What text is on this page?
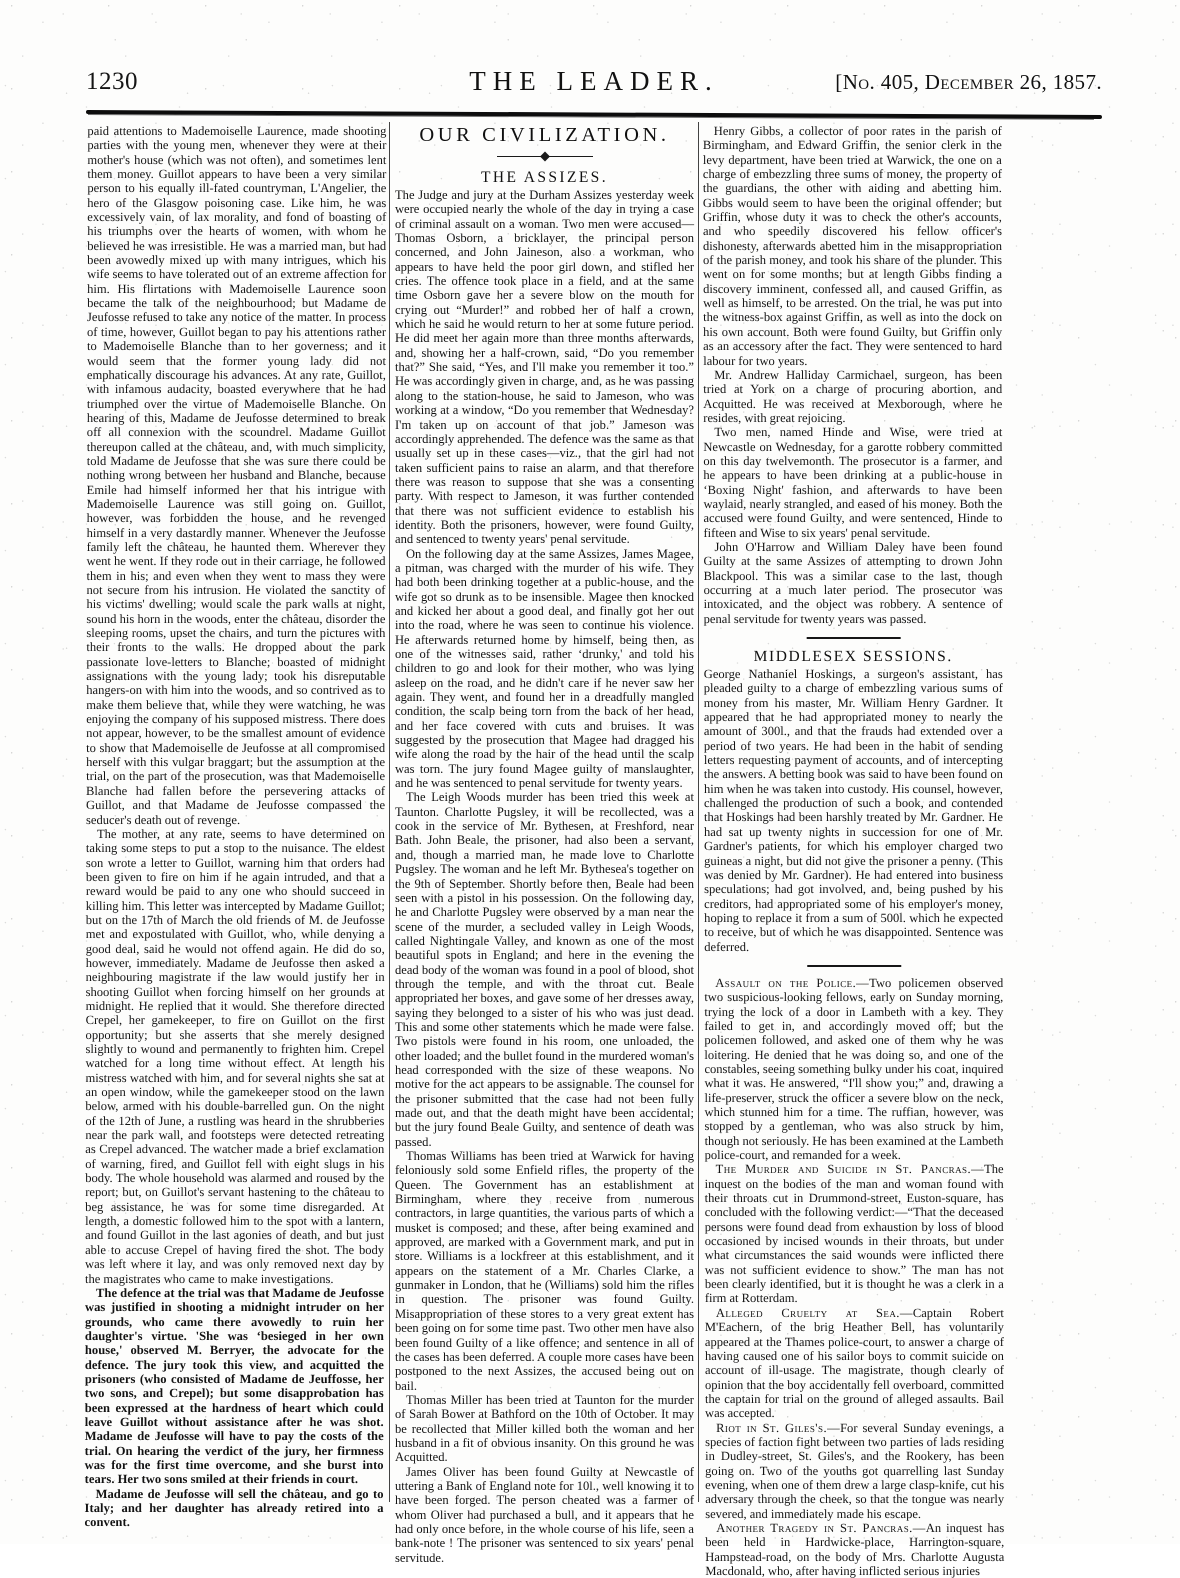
1230	THE LEADER.	[No. 405, December 26, 1857.

paid attentions to Mademoiselle Laurence, made shooting parties with the young men, whenever they were at their mother's house (which was not often), and sometimes lent them money. Guillot appears to have been a very similar person to his equally ill-fated countryman, L'Angelier, the hero of the Glasgow poisoning case. Like him, he was excessively vain, of lax morality, and fond of boasting of his triumphs over the hearts of women, with whom he believed he was irresistible. He was a married man, but had been avowedly mixed up with many intrigues, which his wife seems to have tolerated out of an extreme affection for him. His flirtations with Mademoiselle Laurence soon became the talk of the neighbourhood; but Madame de Jeufosse refused to take any notice of the matter. In process of time, however, Guillot began to pay his attentions rather to Mademoiselle Blanche than to her governess; and it would seem that the former young lady did not emphatically discourage his advances. At any rate, Guillot, with infamous audacity, boasted everywhere that he had triumphed over the virtue of Mademoiselle Blanche. On hearing of this, Madame de Jeufosse determined to break off all connexion with the scoundrel. Madame Guillot thereupon called at the château, and, with much simplicity, told Madame de Jeufosse that she was sure there could be nothing wrong between her husband and Blanche, because Emile had himself informed her that his intrigue with Mademoiselle Laurence was still going on. Guillot, however, was forbidden the house, and he revenged himself in a very dastardly manner. Whenever the Jeufosse family left the château, he haunted them. Wherever they went he went. If they rode out in their carriage, he followed them in his; and even when they went to mass they were not secure from his intrusion. He violated the sanctity of his victims' dwelling; would scale the park walls at night, sound his horn in the woods, enter the château, disorder the sleeping rooms, upset the chairs, and turn the pictures with their fronts to the walls. He dropped about the park passionate love-letters to Blanche; boasted of midnight assignations with the young lady; took his disreputable hangers-on with him into the woods, and so contrived as to make them believe that, while they were watching, he was enjoying the company of his supposed mistress. There does not appear, however, to be the smallest amount of evidence to show that Mademoiselle de Jeufosse at all compromised herself with this vulgar braggart; but the assumption at the trial, on the part of the prosecution, was that Mademoiselle Blanche had fallen before the persevering attacks of Guillot, and that Madame de Jeufosse compassed the seducer's death out of revenge.

The mother, at any rate, seems to have determined on taking some steps to put a stop to the nuisance. The eldest son wrote a letter to Guillot, warning him that orders had been given to fire on him if he again intruded, and that a reward would be paid to any one who should succeed in killing him. This letter was intercepted by Madame Guillot; but on the 17th of March the old friends of M. de Jeufosse met and expostulated with Guillot, who, while denying a good deal, said he would not offend again. He did do so, however, immediately. Madame de Jeufosse then asked a neighbouring magistrate if the law would justify her in shooting Guillot when forcing himself on her grounds at midnight. He replied that it would. She therefore directed Crepel, her gamekeeper, to fire on Guillot on the first opportunity; but she asserts that she merely designed slightly to wound and permanently to frighten him. Crepel watched for a long time without effect. At length his mistress watched with him, and for several nights she sat at an open window, while the gamekeeper stood on the lawn below, armed with his double-barrelled gun. On the night of the 12th of June, a rustling was heard in the shrubberies near the park wall, and footsteps were detected retreating as Crepel advanced. The watcher made a brief exclamation of warning, fired, and Guillot fell with eight slugs in his body. The whole household was alarmed and roused by the report; but, on Guillot's servant hastening to the château to beg assistance, he was for some time disregarded. At length, a domestic followed him to the spot with a lantern, and found Guillot in the last agonies of death, and but just able to accuse Crepel of having fired the shot. The body was left where it lay, and was only removed next day by the magistrates who came to make investigations.

The defence at the trial was that Madame de Jeufosse was justified in shooting a midnight intruder on her grounds, who came there avowedly to ruin her daughter's virtue. 'She was ‘besieged in her own house,' observed M. Berryer, the advocate for the defence. The jury took this view, and acquitted the prisoners (who consisted of Madame de Jeuffosse, her two sons, and Crepel); but some disapprobation has been expressed at the hardness of heart which could leave Guillot without assistance after he was shot. Madame de Jeufosse will have to pay the costs of the trial. On hearing the verdict of the jury, her firmness was for the first time overcome, and she burst into tears. Her two sons smiled at their friends in court.

Madame de Jeufosse will sell the château, and go to Italy; and her daughter has already retired into a convent.

OUR CIVILIZATION.
THE ASSIZES.

The Judge and jury at the Durham Assizes yesterday week were occupied nearly the whole of the day in trying a case of criminal assault on a woman. Two men were accused—Thomas Osborn, a bricklayer, the principal person concerned, and John Jaineson, also a workman, who appears to have held the poor girl down, and stifled her cries. The offence took place in a field, and at the same time Osborn gave her a severe blow on the mouth for crying out “Murder!” and robbed her of half a crown, which he said he would return to her at some future period. He did meet her again more than three months afterwards, and, showing her a half-crown, said, “Do you remember that?” She said, “Yes, and I'll make you remember it too.” He was accordingly given in charge, and, as he was passing along to the station-house, he said to Jameson, who was working at a window, “Do you remember that Wednesday? I'm taken up on account of that job.” Jameson was accordingly apprehended. The defence was the same as that usually set up in these cases—viz., that the girl had not taken sufficient pains to raise an alarm, and that therefore there was reason to suppose that she was a consenting party. With respect to Jameson, it was further contended that there was not sufficient evidence to establish his identity. Both the prisoners, however, were found Guilty, and sentenced to twenty years' penal servitude.

On the following day at the same Assizes, James Magee, a pitman, was charged with the murder of his wife. They had both been drinking together at a public-house, and the wife got so drunk as to be insensible. Magee then knocked and kicked her about a good deal, and finally got her out into the road, where he was seen to continue his violence. He afterwards returned home by himself, being then, as one of the witnesses said, rather ‘drunky,' and told his children to go and look for their mother, who was lying asleep on the road, and he didn't care if he never saw her again. They went, and found her in a dreadfully mangled condition, the scalp being torn from the back of her head, and her face covered with cuts and bruises. It was suggested by the prosecution that Magee had dragged his wife along the road by the hair of the head until the scalp was torn. The jury found Magee guilty of manslaughter, and he was sentenced to penal servitude for twenty years.

The Leigh Woods murder has been tried this week at Taunton. Charlotte Pugsley, it will be recollected, was a cook in the service of Mr. Bythesen, at Freshford, near Bath. John Beale, the prisoner, had also been a servant, and, though a married man, he made love to Charlotte Pugsley. The woman and he left Mr. Bythesea's together on the 9th of September. Shortly before then, Beale had been seen with a pistol in his possession. On the following day, he and Charlotte Pugsley were observed by a man near the scene of the murder, a secluded valley in Leigh Woods, called Nightingale Valley, and known as one of the most beautiful spots in England; and here in the evening the dead body of the woman was found in a pool of blood, shot through the temple, and with the throat cut. Beale appropriated her boxes, and gave some of her dresses away, saying they belonged to a sister of his who was just dead. This and some other statements which he made were false. Two pistols were found in his room, one unloaded, the other loaded; and the bullet found in the murdered woman's head corresponded with the size of these weapons. No motive for the act appears to be assignable. The counsel for the prisoner submitted that the case had not been fully made out, and that the death might have been accidental; but the jury found Beale Guilty, and sentence of death was passed.

Thomas Williams has been tried at Warwick for having feloniously sold some Enfield rifles, the property of the Queen. The Government has an establishment at Birmingham, where they receive from numerous contractors, in large quantities, the various parts of which a musket is composed; and these, after being examined and approved, are marked with a Government mark, and put in store. Williams is a lockfreer at this establishment, and it appears on the statement of a Mr. Charles Clarke, a gunmaker in London, that he (Williams) sold him the rifles in question. The prisoner was found Guilty. Misappropriation of these stores to a very great extent has been going on for some time past. Two other men have also been found Guilty of a like offence; and sentence in all of the cases has been deferred. A couple more cases have been postponed to the next Assizes, the accused being out on bail.

Thomas Miller has been tried at Taunton for the murder of Sarah Bower at Bathford on the 10th of October. It may be recollected that Miller killed both the woman and her husband in a fit of obvious insanity. On this ground he was Acquitted.

James Oliver has been found Guilty at Newcastle of uttering a Bank of England note for 10l., well knowing it to have been forged. The person cheated was a farmer of whom Oliver had purchased a bull, and it appears that he had only once before, in the whole course of his life, seen a bank-note ! The prisoner was sentenced to six years' penal servitude.

Henry Gibbs, a collector of poor rates in the parish of Birmingham, and Edward Griffin, the senior clerk in the levy department, have been tried at Warwick, the one on a charge of embezzling three sums of money, the property of the guardians, the other with aiding and abetting him. Gibbs would seem to have been the original offender; but Griffin, whose duty it was to check the other's accounts, and who speedily discovered his fellow officer's dishonesty, afterwards abetted him in the misappropriation of the parish money, and took his share of the plunder. This went on for some months; but at length Gibbs finding a discovery imminent, confessed all, and caused Griffin, as well as himself, to be arrested. On the trial, he was put into the witness-box against Griffin, as well as into the dock on his own account. Both were found Guilty, but Griffin only as an accessory after the fact. They were sentenced to hard labour for two years.

Mr. Andrew Halliday Carmichael, surgeon, has been tried at York on a charge of procuring abortion, and Acquitted. He was received at Mexborough, where he resides, with great rejoicing.

Two men, named Hinde and Wise, were tried at Newcastle on Wednesday, for a garotte robbery committed on this day twelvemonth. The prosecutor is a farmer, and he appears to have been drinking at a public-house in ‘Boxing Night' fashion, and afterwards to have been waylaid, nearly strangled, and eased of his money. Both the accused were found Guilty, and were sentenced, Hinde to fifteen and Wise to six years' penal servitude.

John O'Harrow and William Daley have been found Guilty at the same Assizes of attempting to drown John Blackpool. This was a similar case to the last, though occurring at a much later period. The prosecutor was intoxicated, and the object was robbery. A sentence of penal servitude for twenty years was passed.

MIDDLESEX SESSIONS.

George Nathaniel Hoskings, a surgeon's assistant, has pleaded guilty to a charge of embezzling various sums of money from his master, Mr. William Henry Gardner. It appeared that he had appropriated money to nearly the amount of 300l., and that the frauds had extended over a period of two years. He had been in the habit of sending letters requesting payment of accounts, and of intercepting the answers. A betting book was said to have been found on him when he was taken into custody. His counsel, however, challenged the production of such a book, and contended that Hoskings had been harshly treated by Mr. Gardner. He had sat up twenty nights in succession for one of Mr. Gardner's patients, for which his employer charged two guineas a night, but did not give the prisoner a penny. (This was denied by Mr. Gardner). He had entered into business speculations; had got involved, and, being pushed by his creditors, had appropriated some of his employer's money, hoping to replace it from a sum of 500l. which he expected to receive, but of which he was disappointed. Sentence was deferred.

Assault on the Police.—Two policemen observed two suspicious-looking fellows, early on Sunday morning, trying the lock of a door in Lambeth with a key. They failed to get in, and accordingly moved off; but the policemen followed, and asked one of them why he was loitering. He denied that he was doing so, and one of the constables, seeing something bulky under his coat, inquired what it was. He answered, “I'll show you;” and, drawing a life-preserver, struck the officer a severe blow on the neck, which stunned him for a time. The ruffian, however, was stopped by a gentleman, who was also struck by him, though not seriously. He has been examined at the Lambeth police-court, and remanded for a week.

The Murder and Suicide in St. Pancras.—The inquest on the bodies of the man and woman found with their throats cut in Drummond-street, Euston-square, has concluded with the following verdict:—“That the deceased persons were found dead from exhaustion by loss of blood occasioned by incised wounds in their throats, but under what circumstances the said wounds were inflicted there was not sufficient evidence to show.” The man has not been clearly identified, but it is thought he was a clerk in a firm at Rotterdam.

Alleged Cruelty at Sea.—Captain Robert M'Eachern, of the brig Heather Bell, has voluntarily appeared at the Thames police-court, to answer a charge of having caused one of his sailor boys to commit suicide on account of ill-usage. The magistrate, though clearly of opinion that the boy accidentally fell overboard, committed the captain for trial on the ground of alleged assaults. Bail was accepted.

Riot in St. Giles's.—For several Sunday evenings, a species of faction fight between two parties of lads residing in Dudley-street, St. Giles's, and the Rookery, has been going on. Two of the youths got quarrelling last Sunday evening, when one of them drew a large clasp-knife, cut his adversary through the cheek, so that the tongue was nearly severed, and immediately made his escape.

Another Tragedy in St. Pancras.—An inquest has been held in Hardwicke-place, Harrington-square, Hampstead-road, on the body of Mrs. Charlotte Augusta Macdonald, who, after having inflicted serious injuries
